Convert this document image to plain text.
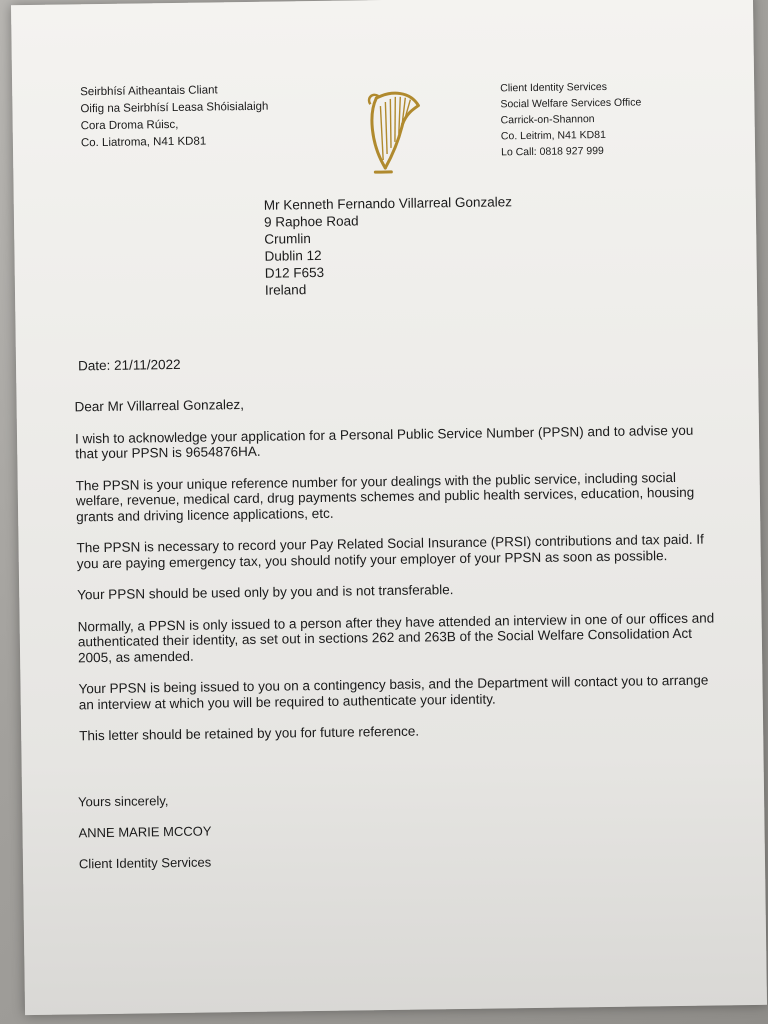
Seirbhísí Aitheantais Cliant
Oifig na Seirbhísí Leasa Shóisialaigh
Cora Droma Rúisc,
Co. Liatroma, N41 KD81
Client Identity Services
Social Welfare Services Office
Carrick-on-Shannon
Co. Leitrim, N41 KD81
Lo Call: 0818 927 999
Mr Kenneth Fernando Villarreal Gonzalez
9 Raphoe Road
Crumlin
Dublin 12
D12 F653
Ireland
Date: 21/11/2022

Dear Mr Villarreal Gonzalez,

I wish to acknowledge your application for a Personal Public Service Number (PPSN) and to advise you that your PPSN is 9654876HA.

The PPSN is your unique reference number for your dealings with the public service, including social welfare, revenue, medical card, drug payments schemes and public health services, education, housing grants and driving licence applications, etc.

The PPSN is necessary to record your Pay Related Social Insurance (PRSI) contributions and tax paid. If you are paying emergency tax, you should notify your employer of your PPSN as soon as possible.

Your PPSN should be used only by you and is not transferable.

Normally, a PPSN is only issued to a person after they have attended an interview in one of our offices and authenticated their identity, as set out in sections 262 and 263B of the Social Welfare Consolidation Act 2005, as amended.

Your PPSN is being issued to you on a contingency basis, and the Department will contact you to arrange an interview at which you will be required to authenticate your identity.

This letter should be retained by you for future reference.

Yours sincerely,
ANNE MARIE MCCOY
Client Identity Services
